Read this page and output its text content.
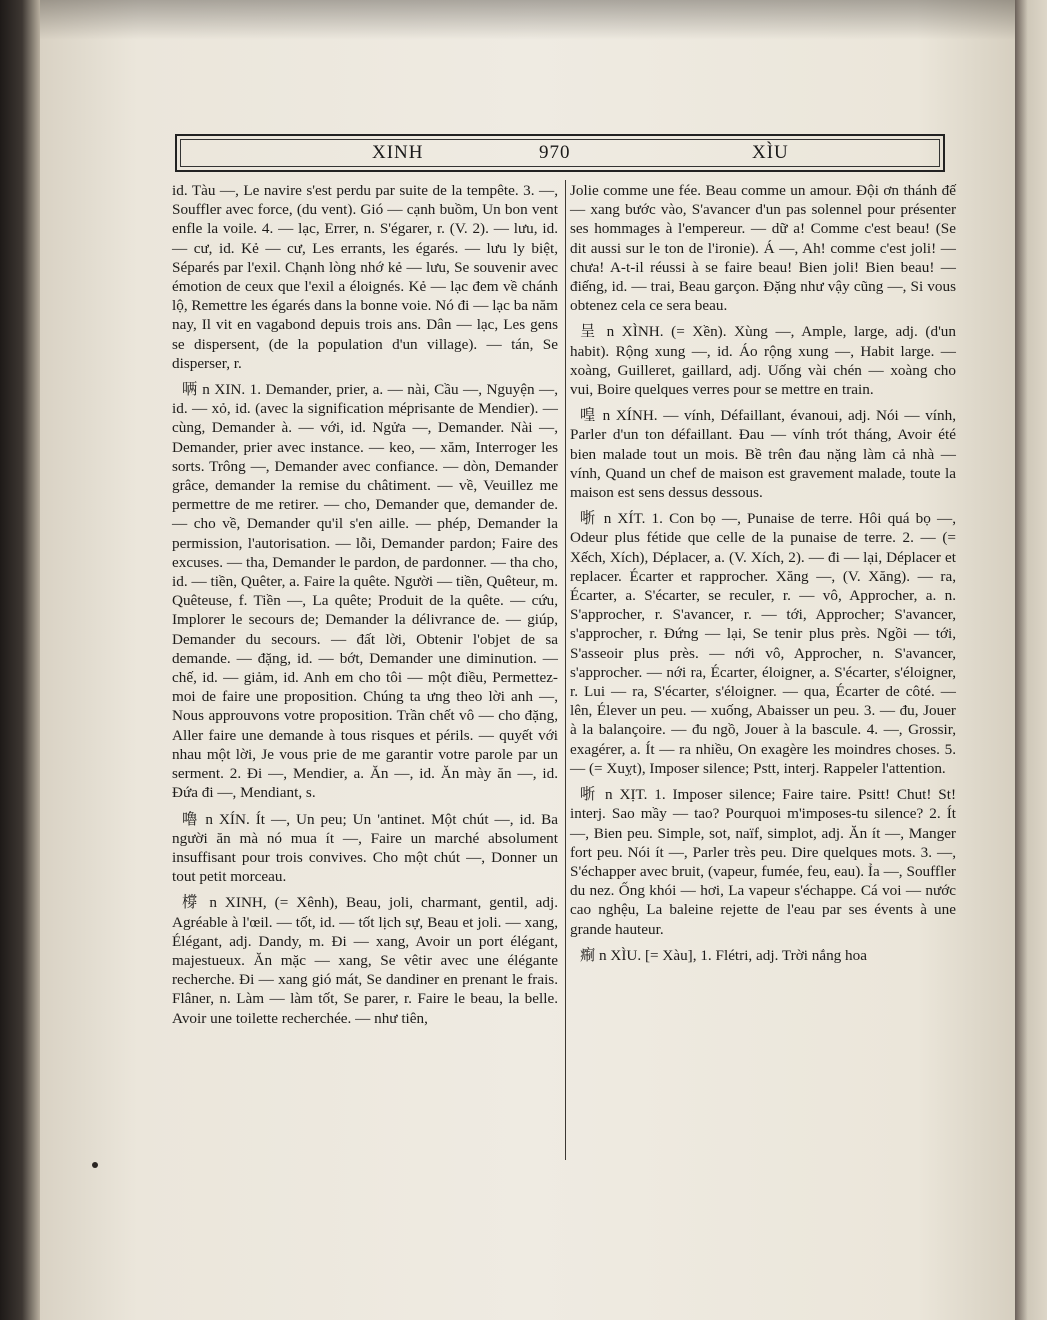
XINH	970	XÌU

id. Tàu —, Le navire s'est perdu par suite de la tempête. 3. —, Souffler avec force, (du vent). Gió — cạnh buồm, Un bon vent enfle la voile. 4. — lạc, Errer, n. S'égarer, r. (V. 2). — lưu, id. — cư, id. Kẻ — cư, Les errants, les égarés. — lưu ly biệt, Séparés par l'exil. Chạnh lòng nhớ kẻ — lưu, Se souvenir avec émotion de ceux que l'exil a éloignés. Kẻ — lạc đem về chánh lộ, Remettre les égarés dans la bonne voie. Nó đi — lạc ba năm nay, Il vit en vagabond depuis trois ans. Dân — lạc, Les gens se dispersent, (de la population d'un village). — tán, Se disperser, r.

唡 n XIN. 1. Demander, prier, a. — nài, Cầu —, Nguyện —, id. — xỏ, id. (avec la signification méprisante de Mendier). — cùng, Demander à. — với, id. Ngửa —, Demander. Nài —, Demander, prier avec instance. — keo, — xăm, Interroger les sorts. Trông —, Demander avec confiance. — dòn, Demander grâce, demander la remise du châtiment. — về, Veuillez me permettre de me retirer. — cho, Demander que, demander de. — cho về, Demander qu'il s'en aille. — phép, Demander la permission, l'autorisation. — lỗi, Demander pardon; Faire des excuses. — tha, Demander le pardon, de pardonner. — tha cho, id. — tiền, Quêter, a. Faire la quête. Người — tiền, Quêteur, m. Quêteuse, f. Tiền —, La quête; Produit de la quête. — cứu, Implorer le secours de; Demander la délivrance de. — giúp, Demander du secours. — đất lời, Obtenir l'objet de sa demande. — đặng, id. — bớt, Demander une diminution. — chế, id. — giảm, id. Anh em cho tôi — một điều, Permettez-moi de faire une proposition. Chúng ta ưng theo lời anh —, Nous approuvons votre proposition. Trần chết vô — cho đặng, Aller faire une demande à tous risques et périls. — quyết với nhau một lời, Je vous prie de me garantir votre parole par un serment. 2. Đi —, Mendier, a. Ăn —, id. Ăn mày ăn —, id. Đứa đi —, Mendiant, s.

嚕 n XÍN. Ít —, Un peu; Un 'antinet. Một chút —, id. Ba người ăn mà nó mua ít —, Faire un marché absolument insuffisant pour trois convives. Cho một chút —, Donner un tout petit morceau.

橕 n XINH, (= Xênh), Beau, joli, charmant, gentil, adj. Agréable à l'œil. — tốt, id. — tốt lịch sự, Beau et joli. — xang, Élégant, adj. Dandy, m. Đi — xang, Avoir un port élégant, majestueux. Ăn mặc — xang, Se vêtir avec une élégante recherche. Đi — xang gió mát, Se dandiner en prenant le frais. Flâner, n. Làm — làm tốt, Se parer, r. Faire le beau, la belle. Avoir une toilette recherchée. — như tiên,

Jolie comme une fée. Beau comme un amour. Đội ơn thánh đế — xang bước vào, S'avancer d'un pas solennel pour présenter ses hommages à l'empereur. — dữ a! Comme c'est beau! (Se dit aussi sur le ton de l'ironie). Á —, Ah! comme c'est joli! — chưa! A-t-il réussi à se faire beau! Bien joli! Bien beau! — điếng, id. — trai, Beau garçon. Đặng như vậy cũng —, Si vous obtenez cela ce sera beau.

呈 n XÌNH. (= Xền). Xùng —, Ample, large, adj. (d'un habit). Rộng xung —, id. Áo rộng xung —, Habit large. — xoàng, Guilleret, gaillard, adj. Uống vài chén — xoàng cho vui, Boire quelques verres pour se mettre en train.

喤 n XÍNH. — vính, Défaillant, évanoui, adj. Nói — vính, Parler d'un ton défaillant. Đau — vính trót tháng, Avoir été bien malade tout un mois. Bề trên đau nặng làm cả nhà — vính, Quand un chef de maison est gravement malade, toute la maison est sens dessus dessous.

哳 n XÍT. 1. Con bọ —, Punaise de terre. Hôi quá bọ —, Odeur plus fétide que celle de la punaise de terre. 2. — (= Xếch, Xích), Déplacer, a. (V. Xích, 2). — đi — lại, Déplacer et replacer. Écarter et rapprocher. Xăng —, (V. Xăng). — ra, Écarter, a. S'écarter, se reculer, r. — vô, Approcher, a. n. S'approcher, r. S'avancer, r. — tới, Approcher; S'avancer, s'approcher, r. Đứng — lại, Se tenir plus près. Ngồi — tới, S'asseoir plus près. — nới vô, Approcher, n. S'avancer, s'approcher. — nới ra, Écarter, éloigner, a. S'écarter, s'éloigner, r. Lui — ra, S'écarter, s'éloigner. — qua, Écarter de côté. — lên, Élever un peu. — xuống, Abaisser un peu. 3. — đu, Jouer à la balançoire. — đu ngồ, Jouer à la bascule. 4. —, Grossir, exagérer, a. Ít — ra nhiều, On exagère les moindres choses. 5. — (= Xuỵt), Imposer silence; Pstt, interj. Rappeler l'attention.

哳 n XỊT. 1. Imposer silence; Faire taire. Psitt! Chut! St! interj. Sao mầy — tao? Pourquoi m'imposes-tu silence? 2. Ít —, Bien peu. Simple, sot, naïf, simplot, adj. Ăn ít —, Manger fort peu. Nói ít —, Parler très peu. Dire quelques mots. 3. —, S'échapper avec bruit, (vapeur, fumée, feu, eau). Ỉa —, Souffler du nez. Ống khói — hơi, La vapeur s'échappe. Cá voi — nước cao nghệu, La baleine rejette de l'eau par ses évents à une grande hauteur.

痸 n XÌU. [= Xàu], 1. Flétri, adj. Trời nắng hoa
